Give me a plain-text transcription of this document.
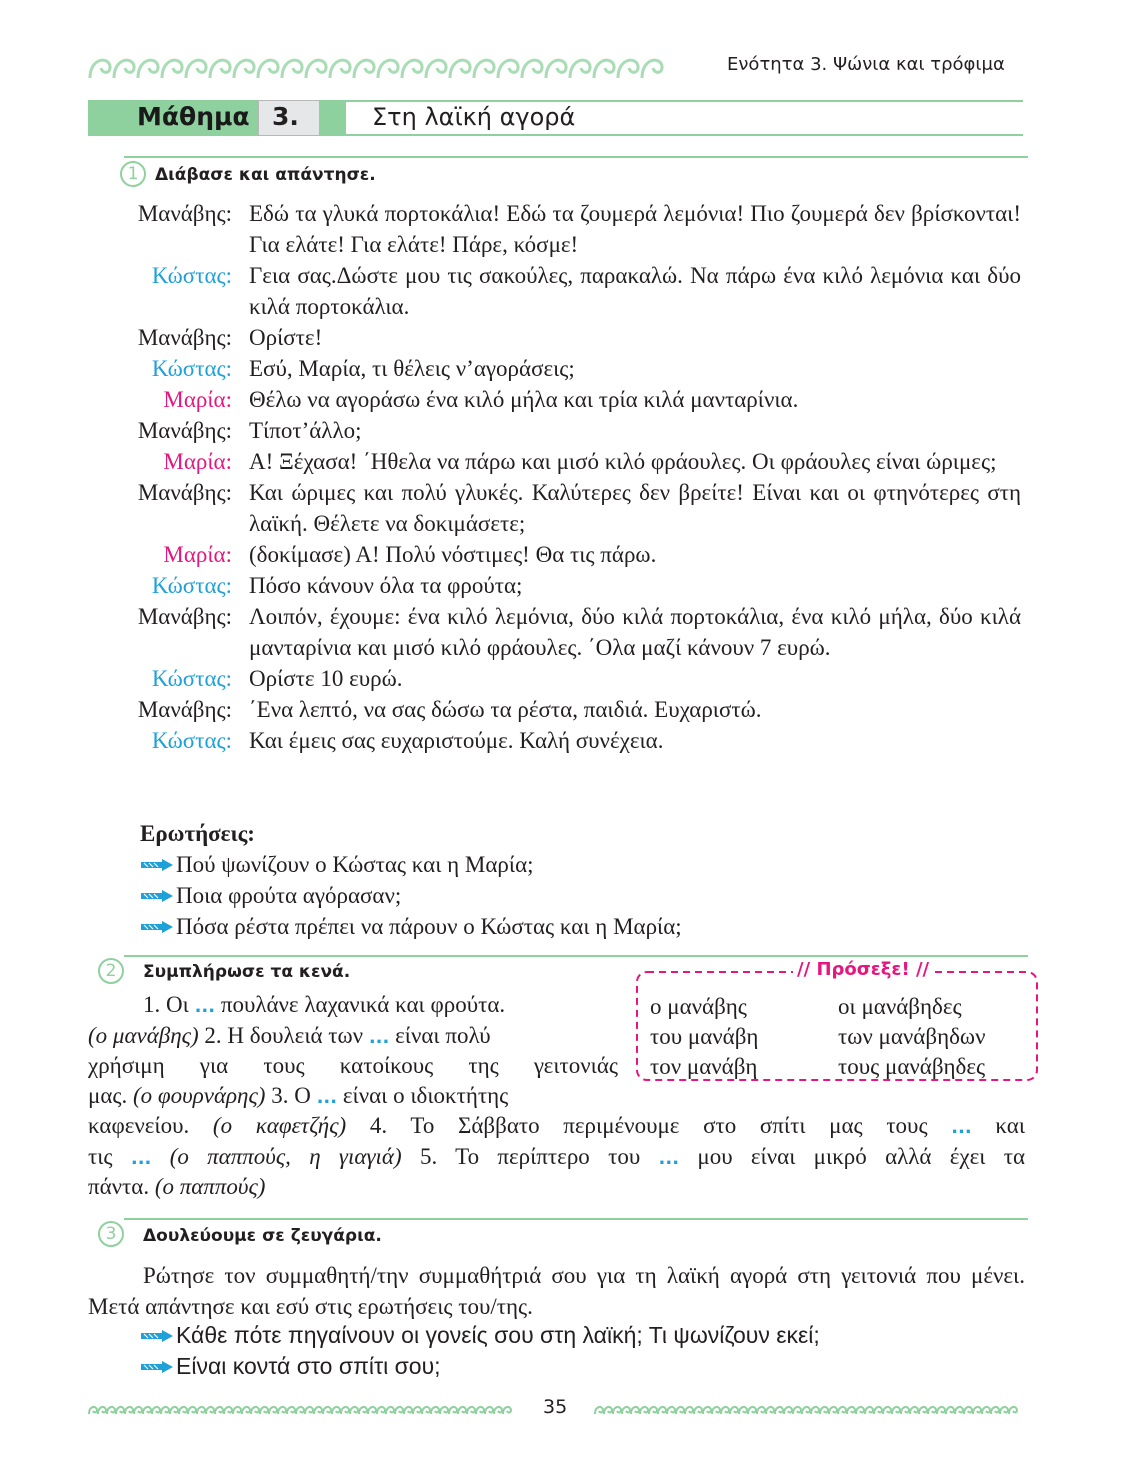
Ενότητα 3. Ψώνια και τρόφιμα
Μάθημα 3.	Στη λαϊκή αγορά
1 Διάβασε και απάντησε.
Μανάβης: Εδώ τα γλυκά πορτοκάλια! Εδώ τα ζουμερά λεμόνια! Πιο ζουμερά δεν βρίσκονται! Για ελάτε! Για ελάτε! Πάρε, κόσμε!
Κώστας: Γεια σας.Δώστε μου τις σακούλες, παρακαλώ. Να πάρω ένα κιλό λεμόνια και δύο κιλά πορτοκάλια.
Μανάβης: Ορίστε!
Κώστας: Εσύ, Μαρία, τι θέλεις ν’αγοράσεις;
Μαρία: Θέλω να αγοράσω ένα κιλό μήλα και τρία κιλά μανταρίνια.
Μανάβης: Τίποτ’άλλο;
Μαρία: Α! Ξέχασα! ΄Ηθελα να πάρω και μισό κιλό φράουλες. Οι φράουλες είναι ώριμες;
Μανάβης: Και ώριμες και πολύ γλυκές. Καλύτερες δεν βρείτε! Είναι και οι φτηνότερες στη λαϊκή. Θέλετε να δοκιμάσετε;
Μαρία: (δοκίμασε) Α! Πολύ νόστιμες! Θα τις πάρω.
Κώστας: Πόσο κάνουν όλα τα φρούτα;
Μανάβης: Λοιπόν, έχουμε: ένα κιλό λεμόνια, δύο κιλά πορτοκάλια, ένα κιλό μήλα, δύο κιλά μανταρίνια και μισό κιλό φράουλες. ΄Ολα μαζί κάνουν 7 ευρώ.
Κώστας: Ορίστε 10 ευρώ.
Μανάβης: ΄Ενα λεπτό, να σας δώσω τα ρέστα, παιδιά. Ευχαριστώ.
Κώστας: Και έμεις σας ευχαριστούμε. Καλή συνέχεια.
Ερωτήσεις:
Πού ψωνίζουν ο Κώστας και η Μαρία;
Ποια φρούτα αγόρασαν;
Πόσα ρέστα πρέπει να πάρουν ο Κώστας και η Μαρία;
2	Συμπλήρωσε τα κενά.
1. Οι ... πουλάνε λαχανικά και φρούτα.
(ο μανάβης) 2. Η δουλειά των ... είναι πολύ
χρήσιμη για τους κατοίκους της γειτονιάς
μας. (ο φουρνάρης) 3. Ο ... είναι ο ιδιοκτήτης
καφενείου. (ο καφετζής) 4. Το Σάββατο περιμένουμε στο σπίτι μας τους ... και
τις ... (ο παππούς, η γιαγιά) 5. Το περίπτερο του ... μου είναι μικρό αλλά έχει τα
πάντα. (ο παππούς)
// Πρόσεξε! //
ο μανάβης	οι μανάβηδες
του μανάβη	των μανάβηδων
τον μανάβη	τους μανάβηδες
3	Δουλεύουμε σε ζευγάρια.

Ρώτησε τον συμμαθητή/την συμμαθήτριά σου για τη λαϊκή αγορά στη γειτονιά που μένει. Μετά απάντησε και εσύ στις ερωτήσεις του/της.

Κάθε πότε πηγαίνουν οι γονείς σου στη λαϊκή; Τι ψωνίζουν εκεί;
Είναι κοντά στο σπίτι σου;
35
